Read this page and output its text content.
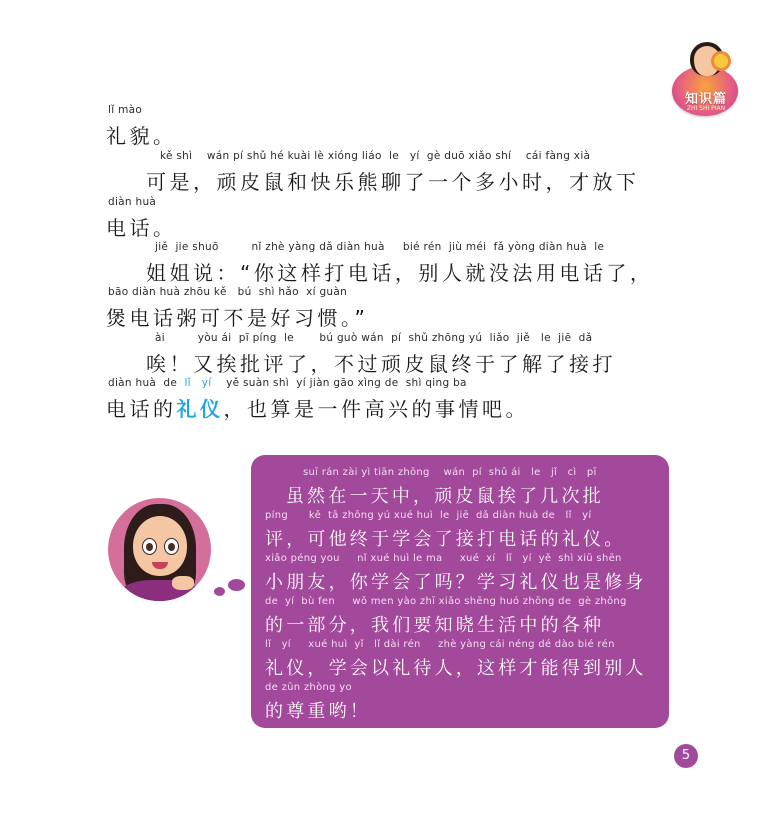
知识篇
ZHI SHI PIAN
lǐ mào
礼貌。
kě shì    wán pí shǔ hé kuài lè xióng liáo  le   yí  gè duō xiǎo shí    cái fàng xià
可是，顽皮鼠和快乐熊聊了一个多小时，才放下
diàn huà
电话。
jiě  jie shuō         nǐ zhè yàng dǎ diàn huà     bié rén  jiù méi  fǎ yòng diàn huà  le
姐姐说：“你这样打电话，别人就没法用电话了，
bāo diàn huà zhōu kě   bú  shì hǎo  xí guàn
煲电话粥可不是好习惯。”
ài         yòu ái  pī píng  le       bú guò wán  pí  shǔ zhōng yú  liǎo  jiě   le  jiē  dǎ
唉！又挨批评了，不过顽皮鼠终于了解了接打
diàn huà  de lǐ   yí yě suàn shì  yí jiàn gāo xìng de  shì qing ba
电话的礼仪，也算是一件高兴的事情吧。
suī rán zài yì tiān zhōng    wán  pí  shǔ ái   le   jǐ   cì   pī
虽然在一天中，顽皮鼠挨了几次批
píng      kě  tā zhōng yú xué huì  le  jiē  dǎ diàn huà de   lǐ   yí
评，可他终于学会了接打电话的礼仪。
xiǎo péng you     nǐ xué huì le ma     xué  xí   lǐ   yí  yě  shì xiū shēn
小朋友，你学会了吗？学习礼仪也是修身
de  yí  bù fen     wǒ men yào zhī xiǎo shēng huó zhōng de  gè zhǒng
的一部分，我们要知晓生活中的各种
lǐ   yí     xué huì  yǐ   lǐ dài rén     zhè yàng cái néng dé dào bié rén
礼仪，学会以礼待人，这样才能得到别人
de zūn zhòng yo
的尊重哟！
5
